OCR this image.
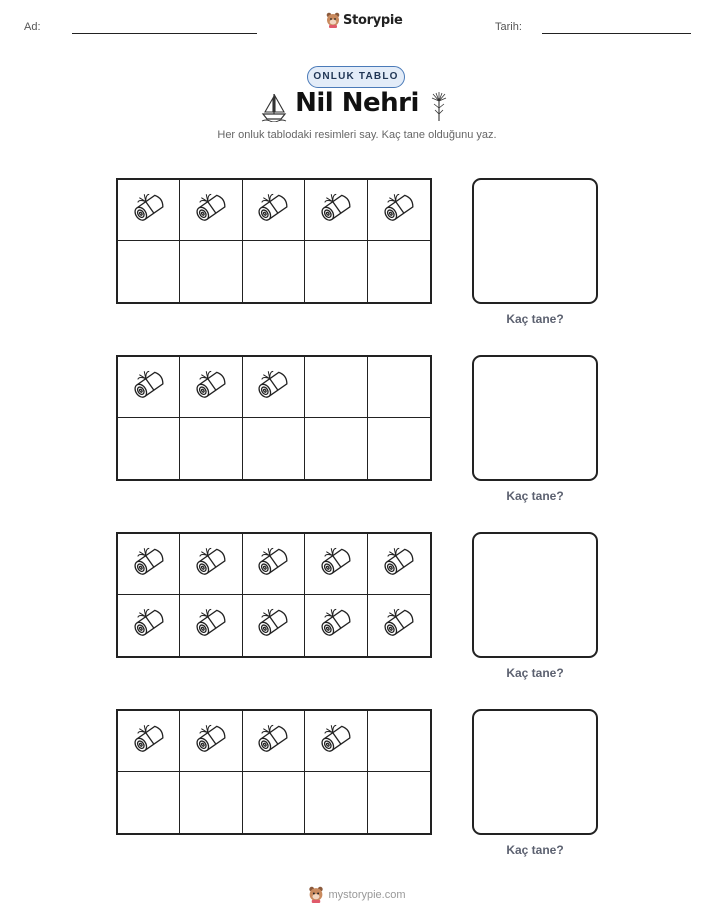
Ad:	Storypie	Tarih:
ONLUK TABLO
Nil Nehri
Her onluk tablodaki resimleri say. Kaç tane olduğunu yaz.
Kaç tane?
Kaç tane?
Kaç tane?
Kaç tane?
mystorypie.com
